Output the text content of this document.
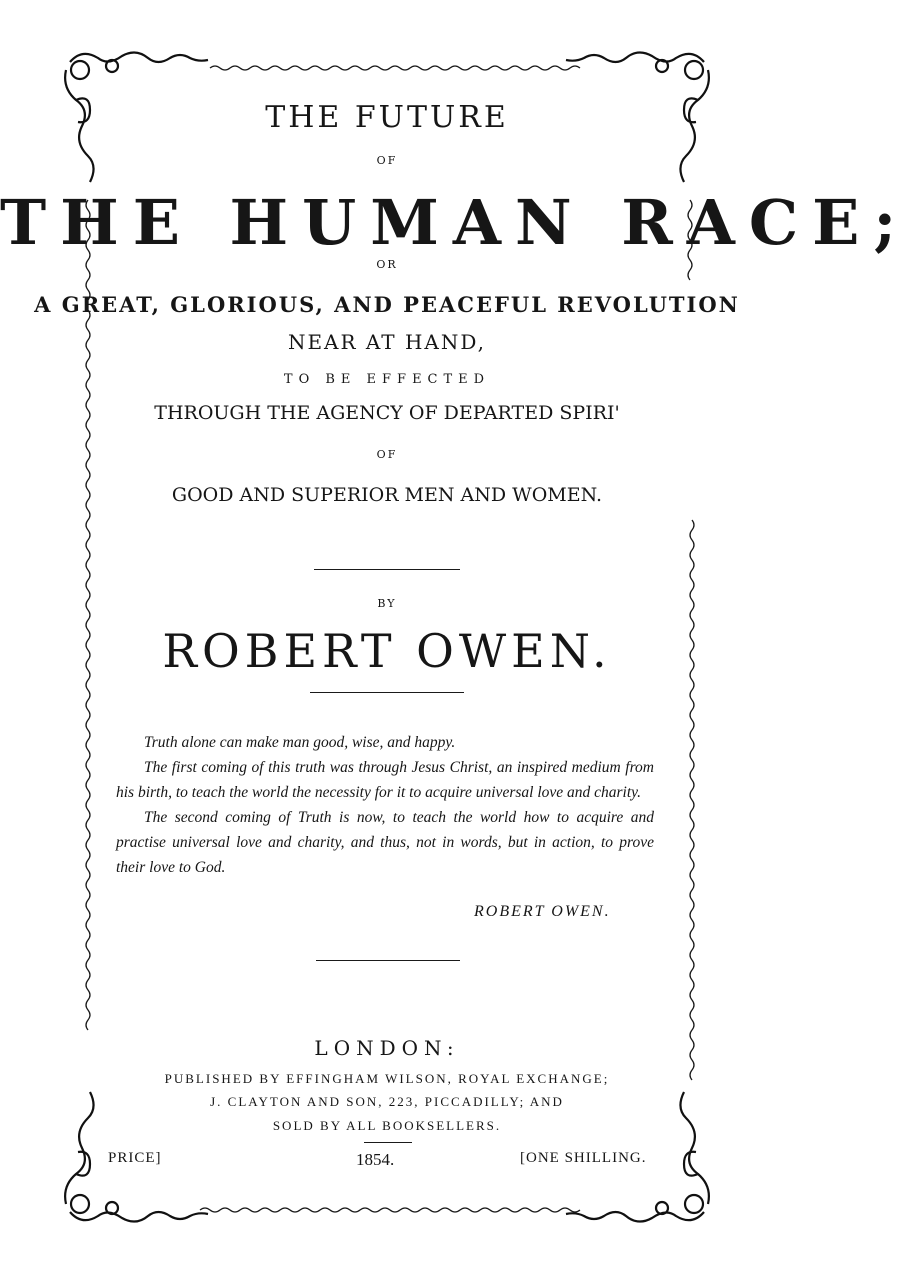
THE FUTURE
OF
THE HUMAN RACE;
OR
A GREAT, GLORIOUS, AND PEACEFUL REVOLUTION
NEAR AT HAND,
TO BE EFFECTED
THROUGH THE AGENCY OF DEPARTED SPIRI'
OF
GOOD AND SUPERIOR MEN AND WOMEN.
BY
ROBERT OWEN.

Truth alone can make man good, wise, and happy.

The first coming of this truth was through Jesus Christ, an inspired medium from his birth, to teach the world the necessity for it to acquire universal love and charity.

The second coming of Truth is now, to teach the world how to acquire and practise universal love and charity, and thus, not in words, but in action, to prove their love to God.

ROBERT OWEN.
LONDON:
PUBLISHED BY EFFINGHAM WILSON, ROYAL EXCHANGE;
J. CLAYTON AND SON, 223, PICCADILLY; AND
SOLD BY ALL BOOKSELLERS.
PRICE]	1854.	[ONE SHILLING.
